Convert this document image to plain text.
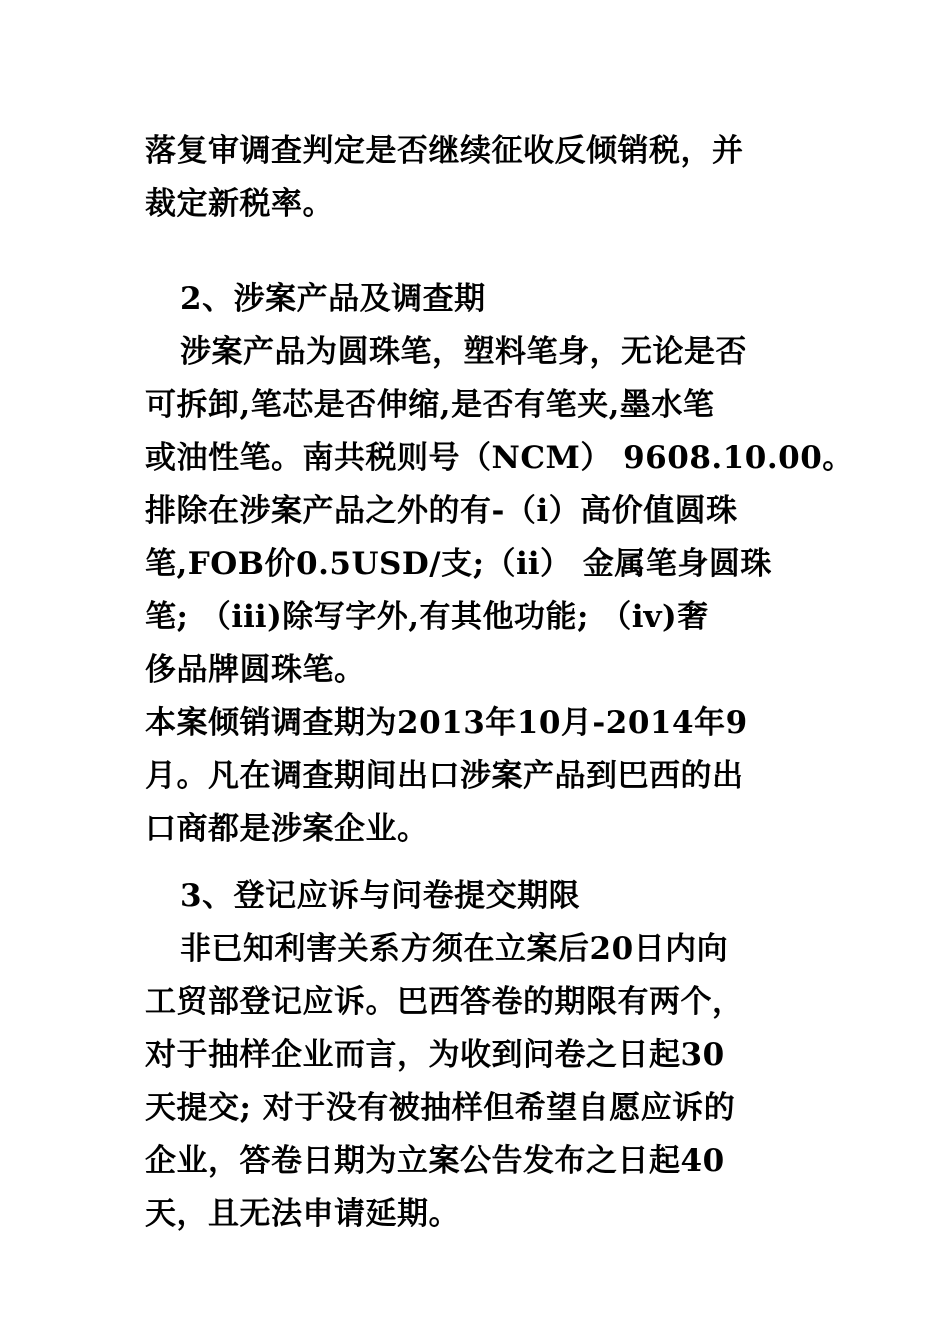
落复审调查判定是否继续征收反倾销税，并
裁定新税率。
2、涉案产品及调查期
涉案产品为圆珠笔，塑料笔身，无论是否
可拆卸,笔芯是否伸缩,是否有笔夹,墨水笔
或油性笔。南共税则号（NCM） 9608.10.00。
排除在涉案产品之外的有-（ⅰ）高价值圆珠
笔,FOB价0.5USD/支;（ⅱ） 金属笔身圆珠
笔; （ⅲ)除写字外,有其他功能; （ⅳ)奢
侈品牌圆珠笔。
本案倾销调查期为2013年10月-2014年9
月。凡在调查期间出口涉案产品到巴西的出
口商都是涉案企业。
3、登记应诉与问卷提交期限
非已知利害关系方须在立案后20日内向
工贸部登记应诉。巴西答卷的期限有两个，
对于抽样企业而言，为收到问卷之日起30
天提交; 对于没有被抽样但希望自愿应诉的
企业，答卷日期为立案公告发布之日起40
天，且无法申请延期。
